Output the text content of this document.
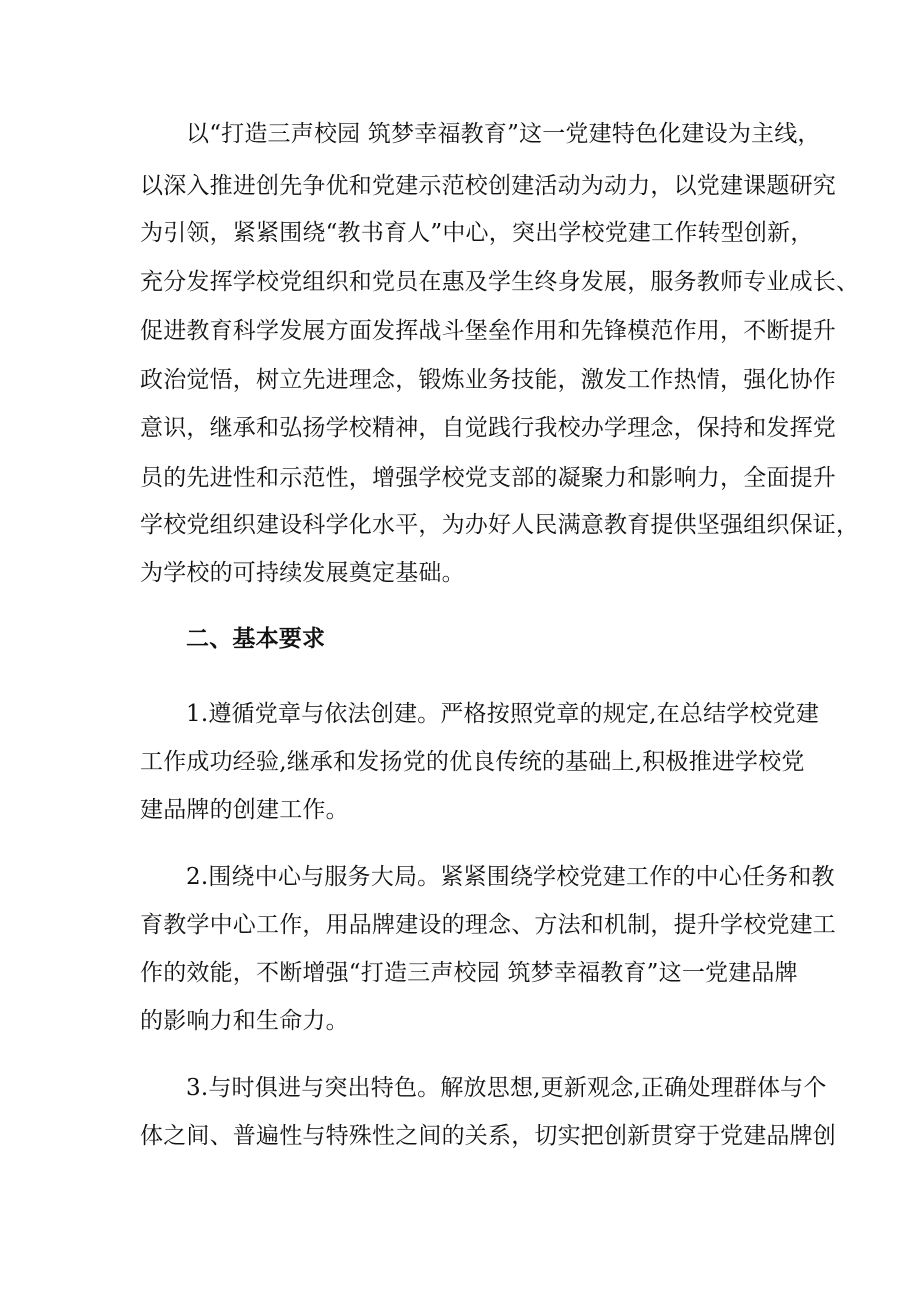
以“打造三声校园 筑梦幸福教育”这一党建特色化建设为主线，
以深入推进创先争优和党建示范校创建活动为动力，以党建课题研究
为引领，紧紧围绕“教书育人”中心，突出学校党建工作转型创新，
充分发挥学校党组织和党员在惠及学生终身发展，服务教师专业成长、
促进教育科学发展方面发挥战斗堡垒作用和先锋模范作用，不断提升
政治觉悟，树立先进理念，锻炼业务技能，激发工作热情，强化协作
意识，继承和弘扬学校精神，自觉践行我校办学理念，保持和发挥党
员的先进性和示范性，增强学校党支部的凝聚力和影响力，全面提升
学校党组织建设科学化水平，为办好人民满意教育提供坚强组织保证，
为学校的可持续发展奠定基础。
二、基本要求
1.遵循党章与依法创建。严格按照党章的规定,在总结学校党建
工作成功经验,继承和发扬党的优良传统的基础上,积极推进学校党
建品牌的创建工作。
2.围绕中心与服务大局。紧紧围绕学校党建工作的中心任务和教
育教学中心工作，用品牌建设的理念、方法和机制，提升学校党建工
作的效能，不断增强“打造三声校园 筑梦幸福教育”这一党建品牌
的影响力和生命力。
3.与时俱进与突出特色。解放思想,更新观念,正确处理群体与个
体之间、普遍性与特殊性之间的关系，切实把创新贯穿于党建品牌创
